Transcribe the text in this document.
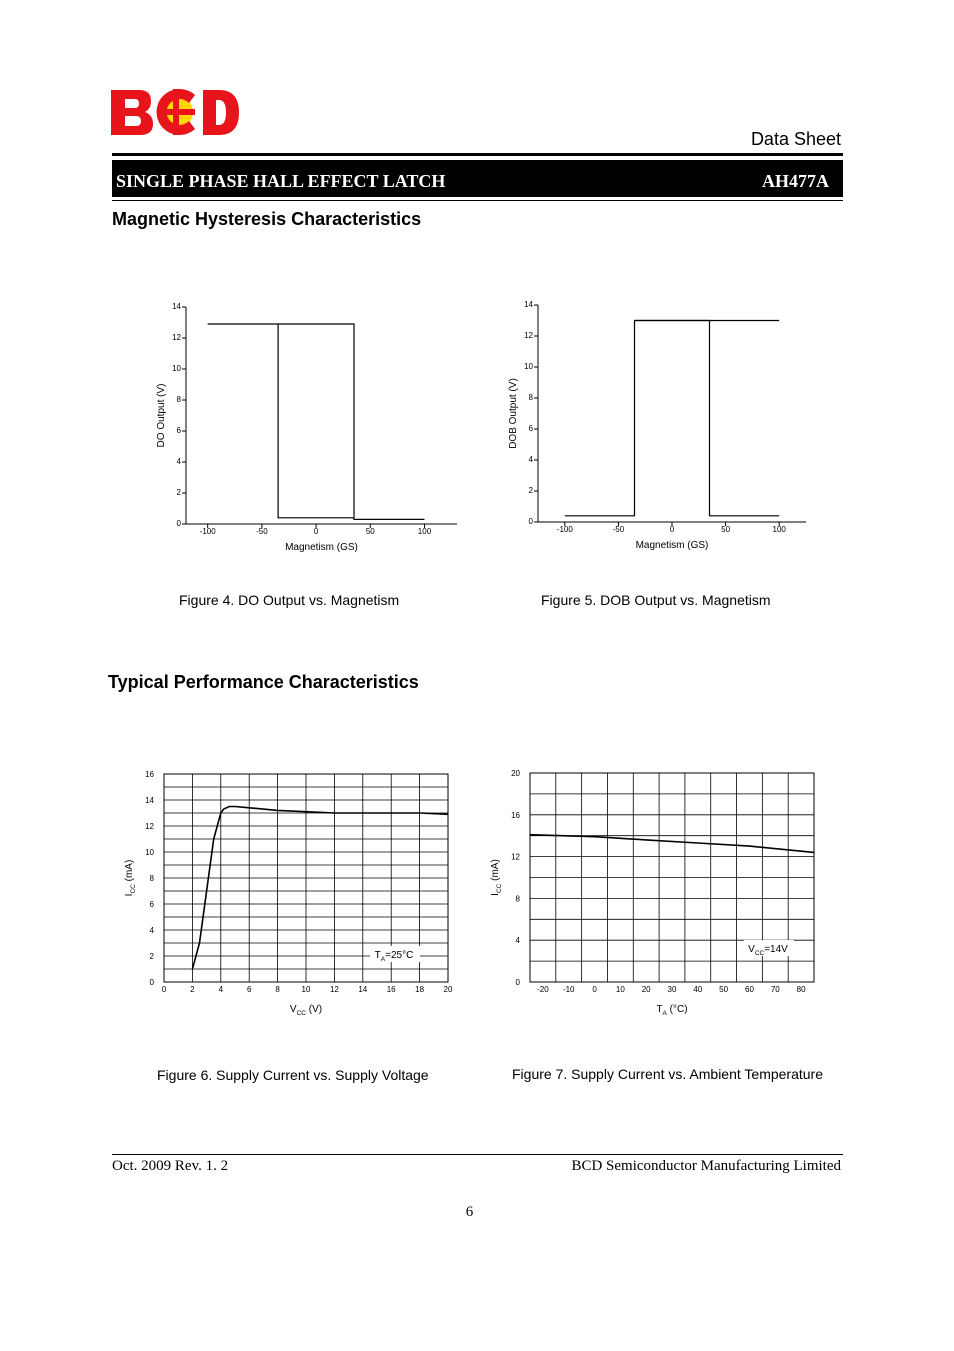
Data Sheet
SINGLE PHASE HALL EFFECT LATCH	AH477A
Magnetic Hysteresis Characteristics
Typical Performance Characteristics
0
2
4
6
8
10
12
14
-100	-50	0	50	100
Magnetism (GS)
DO Output (V)
0
2
4
6
8
10
12
14
-100	-50	0	50	100
Magnetism (GS)
DOB Output (V)
0
2
4
6
8
10
12
14
16
0	2	4	6	8	10 12 14 16 18 20
$V_{CC}$ (V)
$I_{CC}$ (mA)
$T_A=25^\circ C$
0
4
8
12
16
20
-20 -10 0 10 20 30 40 50 60 70 80
$T_A$ (°C)
$I_{CC}$ (mA)
$V_{CC}=14V$
Figure 4. DO Output vs. Magnetism	Figure 5. DOB Output vs. Magnetism
Figure 6. Supply Current vs. Supply Voltage	Figure 7. Supply Current vs. Ambient Temperature
Oct. 2009 Rev. 1. 2	BCD Semiconductor Manufacturing Limited
6
